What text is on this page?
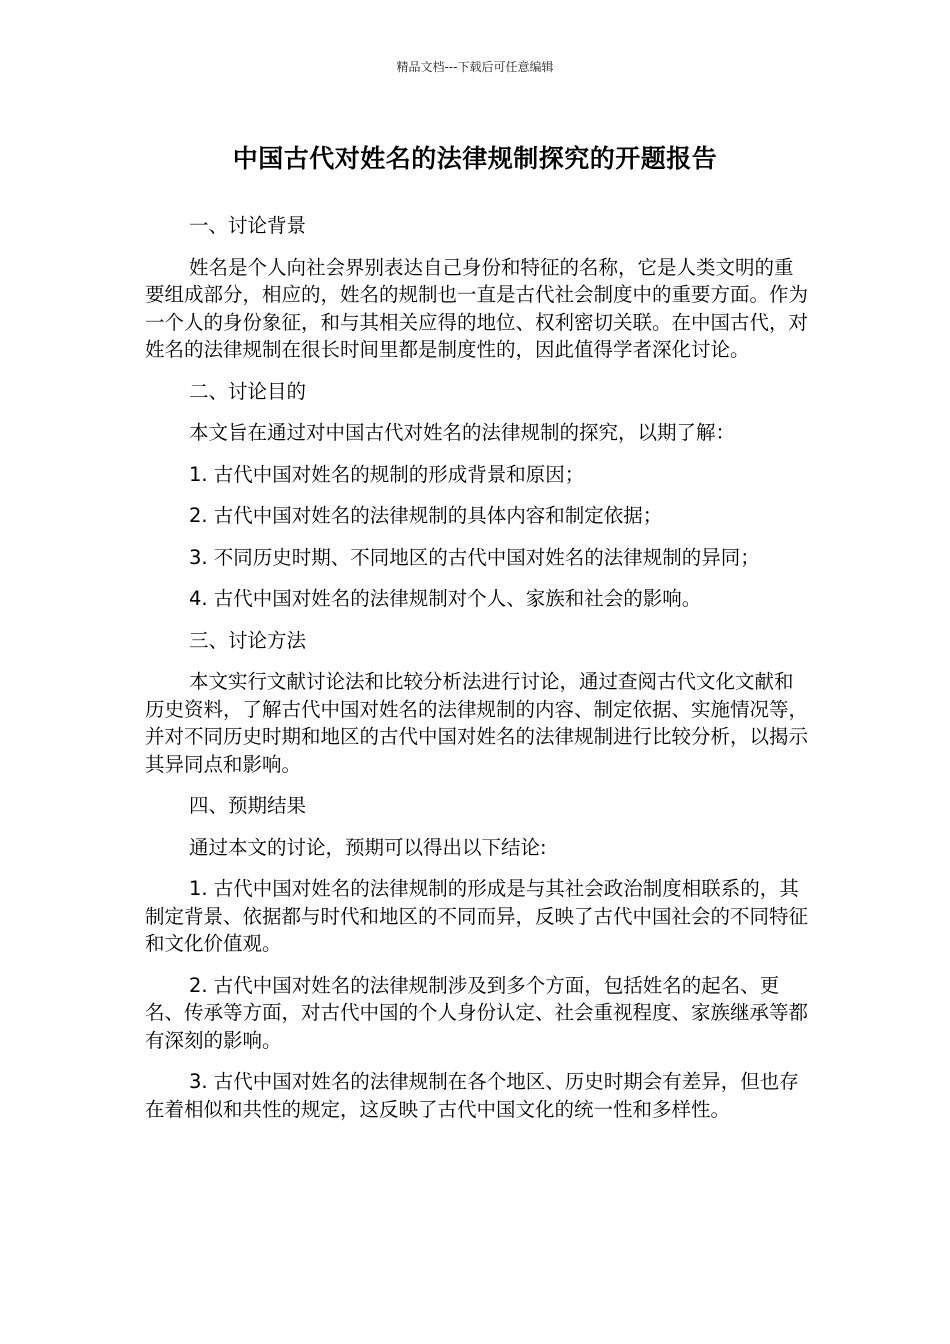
精品文档---下载后可任意编辑
中国古代对姓名的法律规制探究的开题报告

一、讨论背景

姓名是个人向社会界别表达自己身份和特征的名称，它是人类文明的重要组成部分，相应的，姓名的规制也一直是古代社会制度中的重要方面。作为一个人的身份象征，和与其相关应得的地位、权利密切关联。在中国古代，对姓名的法律规制在很长时间里都是制度性的，因此值得学者深化讨论。

二、讨论目的

本文旨在通过对中国古代对姓名的法律规制的探究，以期了解：

1. 古代中国对姓名的规制的形成背景和原因；

2. 古代中国对姓名的法律规制的具体内容和制定依据；

3. 不同历史时期、不同地区的古代中国对姓名的法律规制的异同；

4. 古代中国对姓名的法律规制对个人、家族和社会的影响。

三、讨论方法

本文实行文献讨论法和比较分析法进行讨论，通过查阅古代文化文献和历史资料，了解古代中国对姓名的法律规制的内容、制定依据、实施情况等，并对不同历史时期和地区的古代中国对姓名的法律规制进行比较分析，以揭示其异同点和影响。

四、预期结果

通过本文的讨论，预期可以得出以下结论:

1. 古代中国对姓名的法律规制的形成是与其社会政治制度相联系的，其制定背景、依据都与时代和地区的不同而异，反映了古代中国社会的不同特征和文化价值观。

2. 古代中国对姓名的法律规制涉及到多个方面，包括姓名的起名、更名、传承等方面，对古代中国的个人身份认定、社会重视程度、家族继承等都有深刻的影响。

3. 古代中国对姓名的法律规制在各个地区、历史时期会有差异，但也存在着相似和共性的规定，这反映了古代中国文化的统一性和多样性。
